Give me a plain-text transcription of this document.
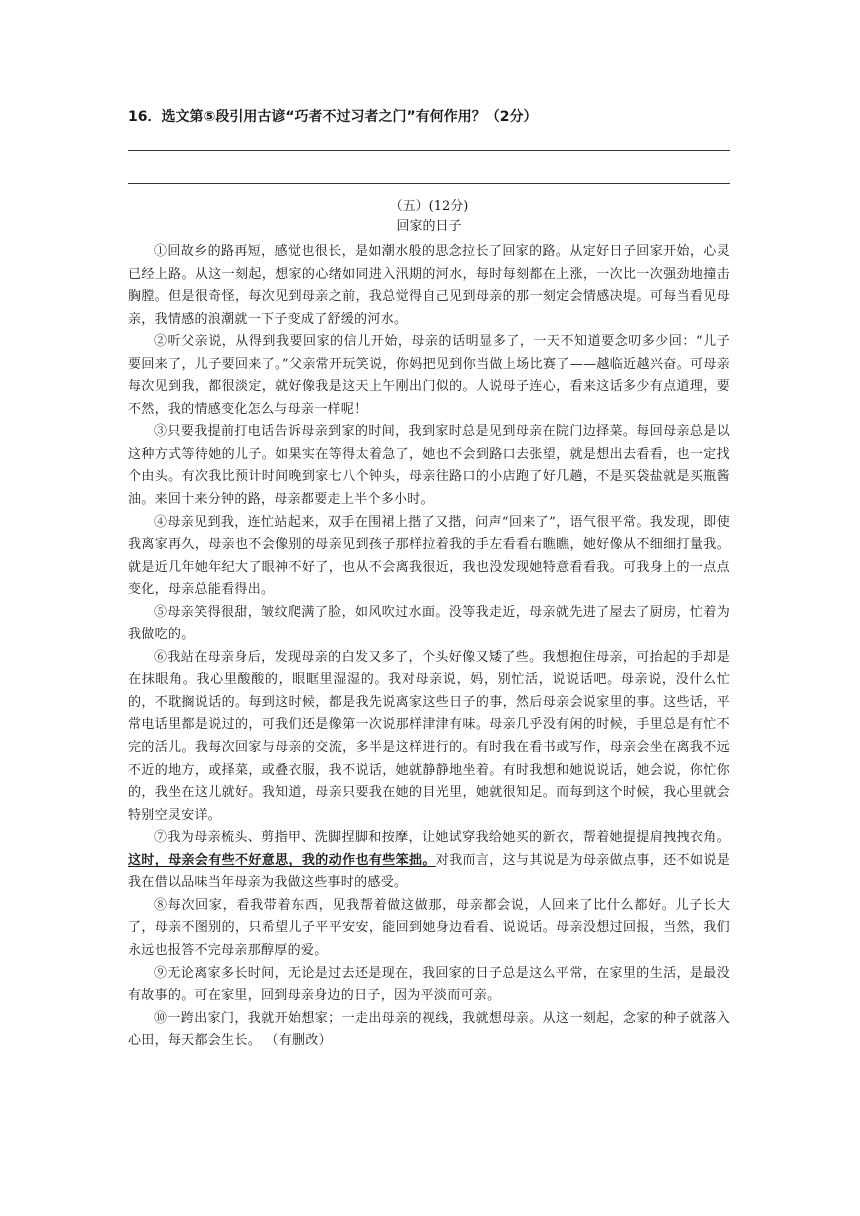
16．选文第⑤段引用古谚“巧者不过习者之门”有何作用？（2分）
（五）(12分)
回家的日子

①回故乡的路再短，感觉也很长，是如潮水般的思念拉长了回家的路。从定好日子回家开始，心灵已经上路。从这一刻起，想家的心绪如同进入汛期的河水，每时每刻都在上涨，一次比一次强劲地撞击胸膛。但是很奇怪，每次见到母亲之前，我总觉得自己见到母亲的那一刻定会情感决堤。可每当看见母亲，我情感的浪潮就一下子变成了舒缓的河水。

②听父亲说，从得到我要回家的信儿开始，母亲的话明显多了，一天不知道要念叨多少回：“儿子要回来了，儿子要回来了。”父亲常开玩笑说，你妈把见到你当做上场比赛了——越临近越兴奋。可母亲每次见到我，都很淡定，就好像我是这天上午刚出门似的。人说母子连心，看来这话多少有点道理，要不然，我的情感变化怎么与母亲一样呢！

③只要我提前打电话告诉母亲到家的时间，我到家时总是见到母亲在院门边择菜。每回母亲总是以这种方式等待她的儿子。如果实在等得太着急了，她也不会到路口去张望，就是想出去看看，也一定找个由头。有次我比预计时间晚到家七八个钟头，母亲往路口的小店跑了好几趟，不是买袋盐就是买瓶酱油。来回十来分钟的路，母亲都要走上半个多小时。

④母亲见到我，连忙站起来，双手在围裙上揩了又揩，问声“回来了”，语气很平常。我发现，即使我离家再久，母亲也不会像别的母亲见到孩子那样拉着我的手左看看右瞧瞧，她好像从不细细打量我。就是近几年她年纪大了眼神不好了，也从不会离我很近，我也没发现她特意看看我。可我身上的一点点变化，母亲总能看得出。

⑤母亲笑得很甜，皱纹爬满了脸，如风吹过水面。没等我走近，母亲就先进了屋去了厨房，忙着为我做吃的。

⑥我站在母亲身后，发现母亲的白发又多了，个头好像又矮了些。我想抱住母亲，可抬起的手却是在抹眼角。我心里酸酸的，眼眶里湿湿的。我对母亲说，妈，别忙活，说说话吧。母亲说，没什么忙的，不耽搁说话的。每到这时候，都是我先说离家这些日子的事，然后母亲会说家里的事。这些话，平常电话里都是说过的，可我们还是像第一次说那样津津有味。母亲几乎没有闲的时候，手里总是有忙不完的活儿。我每次回家与母亲的交流，多半是这样进行的。有时我在看书或写作，母亲会坐在离我不远不近的地方，或择菜，或叠衣服，我不说话，她就静静地坐着。有时我想和她说说话，她会说，你忙你的，我坐在这儿就好。我知道，母亲只要我在她的目光里，她就很知足。而每到这个时候，我心里就会特别空灵安详。

⑦我为母亲梳头、剪指甲、洗脚捏脚和按摩，让她试穿我给她买的新衣，帮着她提提肩拽拽衣角。这时，母亲会有些不好意思，我的动作也有些笨拙。对我而言，这与其说是为母亲做点事，还不如说是我在借以品味当年母亲为我做这些事时的感受。

⑧每次回家，看我带着东西，见我帮着做这做那，母亲都会说，人回来了比什么都好。儿子长大了，母亲不图别的，只希望儿子平平安安，能回到她身边看看、说说话。母亲没想过回报，当然，我们永远也报答不完母亲那醇厚的爱。

⑨无论离家多长时间，无论是过去还是现在，我回家的日子总是这么平常，在家里的生活，是最没有故事的。可在家里，回到母亲身边的日子，因为平淡而可亲。

⑩一跨出家门，我就开始想家；一走出母亲的视线，我就想母亲。从这一刻起，念家的种子就落入心田，每天都会生长。 （有删改）
